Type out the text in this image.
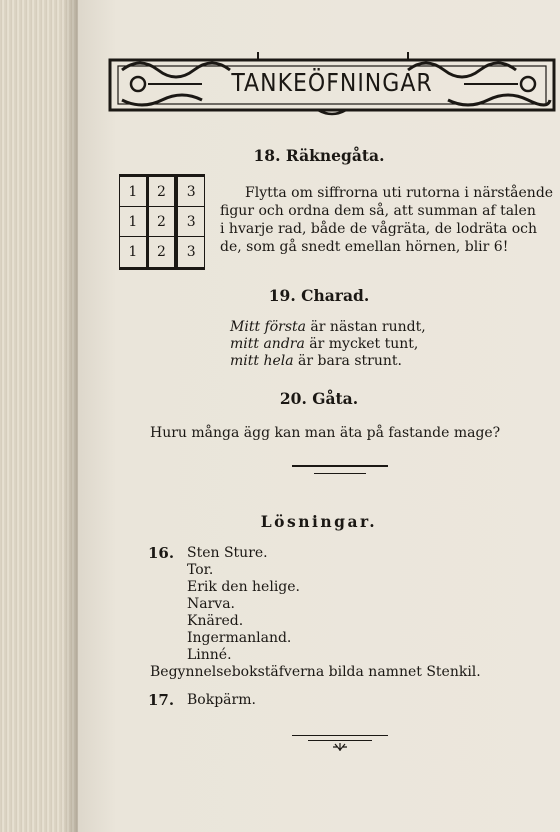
TANKEÖFNINGAR
18. Räknegåta.
1	2	3
1	2	3
1	2	3
Flytta om siffrorna uti rutorna i närstående
figur och ordna dem så, att summan af talen
i hvarje rad, både de vågräta, de lodräta och
de, som gå snedt emellan hörnen, blir 6!
19. Charad.
Mitt första är nästan rundt,
mitt andra är mycket tunt,
mitt hela är bara strunt.
20. Gåta.
Huru många ägg kan man äta på fastande mage?
Lösningar.
16. Sten Sture.
Tor.
Erik den helige.
Narva.
Knäred.
Ingermanland.
Linné.
Begynnelsebokstäfverna bilda namnet Stenkil.
17. Bokpärm.
